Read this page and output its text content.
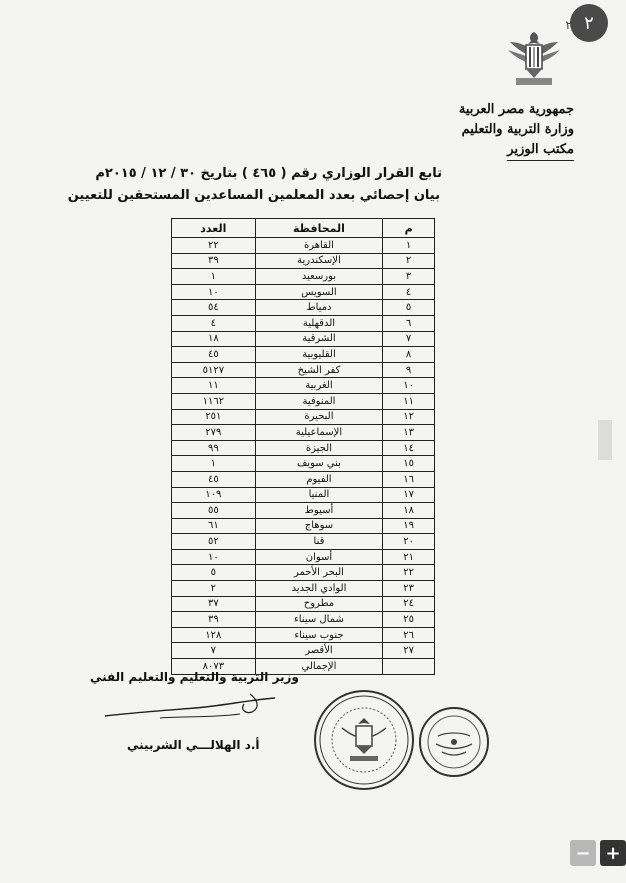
٢
٢
جمهورية مصر العربية
وزارة التربية والتعليم
مكتب الوزير
تابع القرار الوزاري رقم ( ٤٦٥ ) بتاريخ ٣٠ / ١٢ / ٢٠١٥م
بيان إحصائي بعدد المعلمين المساعدين المستحقين للتعيين
م	المحافظة	العدد
١	القاهرة	٢٢
٢	الإسكندرية	٣٩
٣	بورسعيد	١
٤	السويس	١٠
٥	دمياط	٥٤
٦	الدقهلية	٤
٧	الشرقية	١٨
٨	القليوبية	٤٥
٩	كفر الشيخ	٥١٢٧
١٠	الغربية	١١
١١	المنوفية	١١٦٢
١٢	البحيرة	٢٥١
١٣	الإسماعيلية	٢٧٩
١٤	الجيزة	٩٩
١٥	بني سويف	١
١٦	الفيوم	٤٥
١٧	المنيا	١٠٩
١٨	أسيوط	٥٥
١٩	سوهاج	٦١
٢٠	قنا	٥٢
٢١	أسوان	١٠
٢٢	البحر الأحمر	٥
٢٣	الوادي الجديد	٢
٢٤	مطروح	٣٧
٢٥	شمال سيناء	٣٩
٢٦	جنوب سيناء	١٢٨
٢٧	الأقصر	٧
	الإجمالي	٨٠٧٣
وزير التربية والتعليم والتعليم الفني
أ.د الهلالـــي الشربيني
− +
